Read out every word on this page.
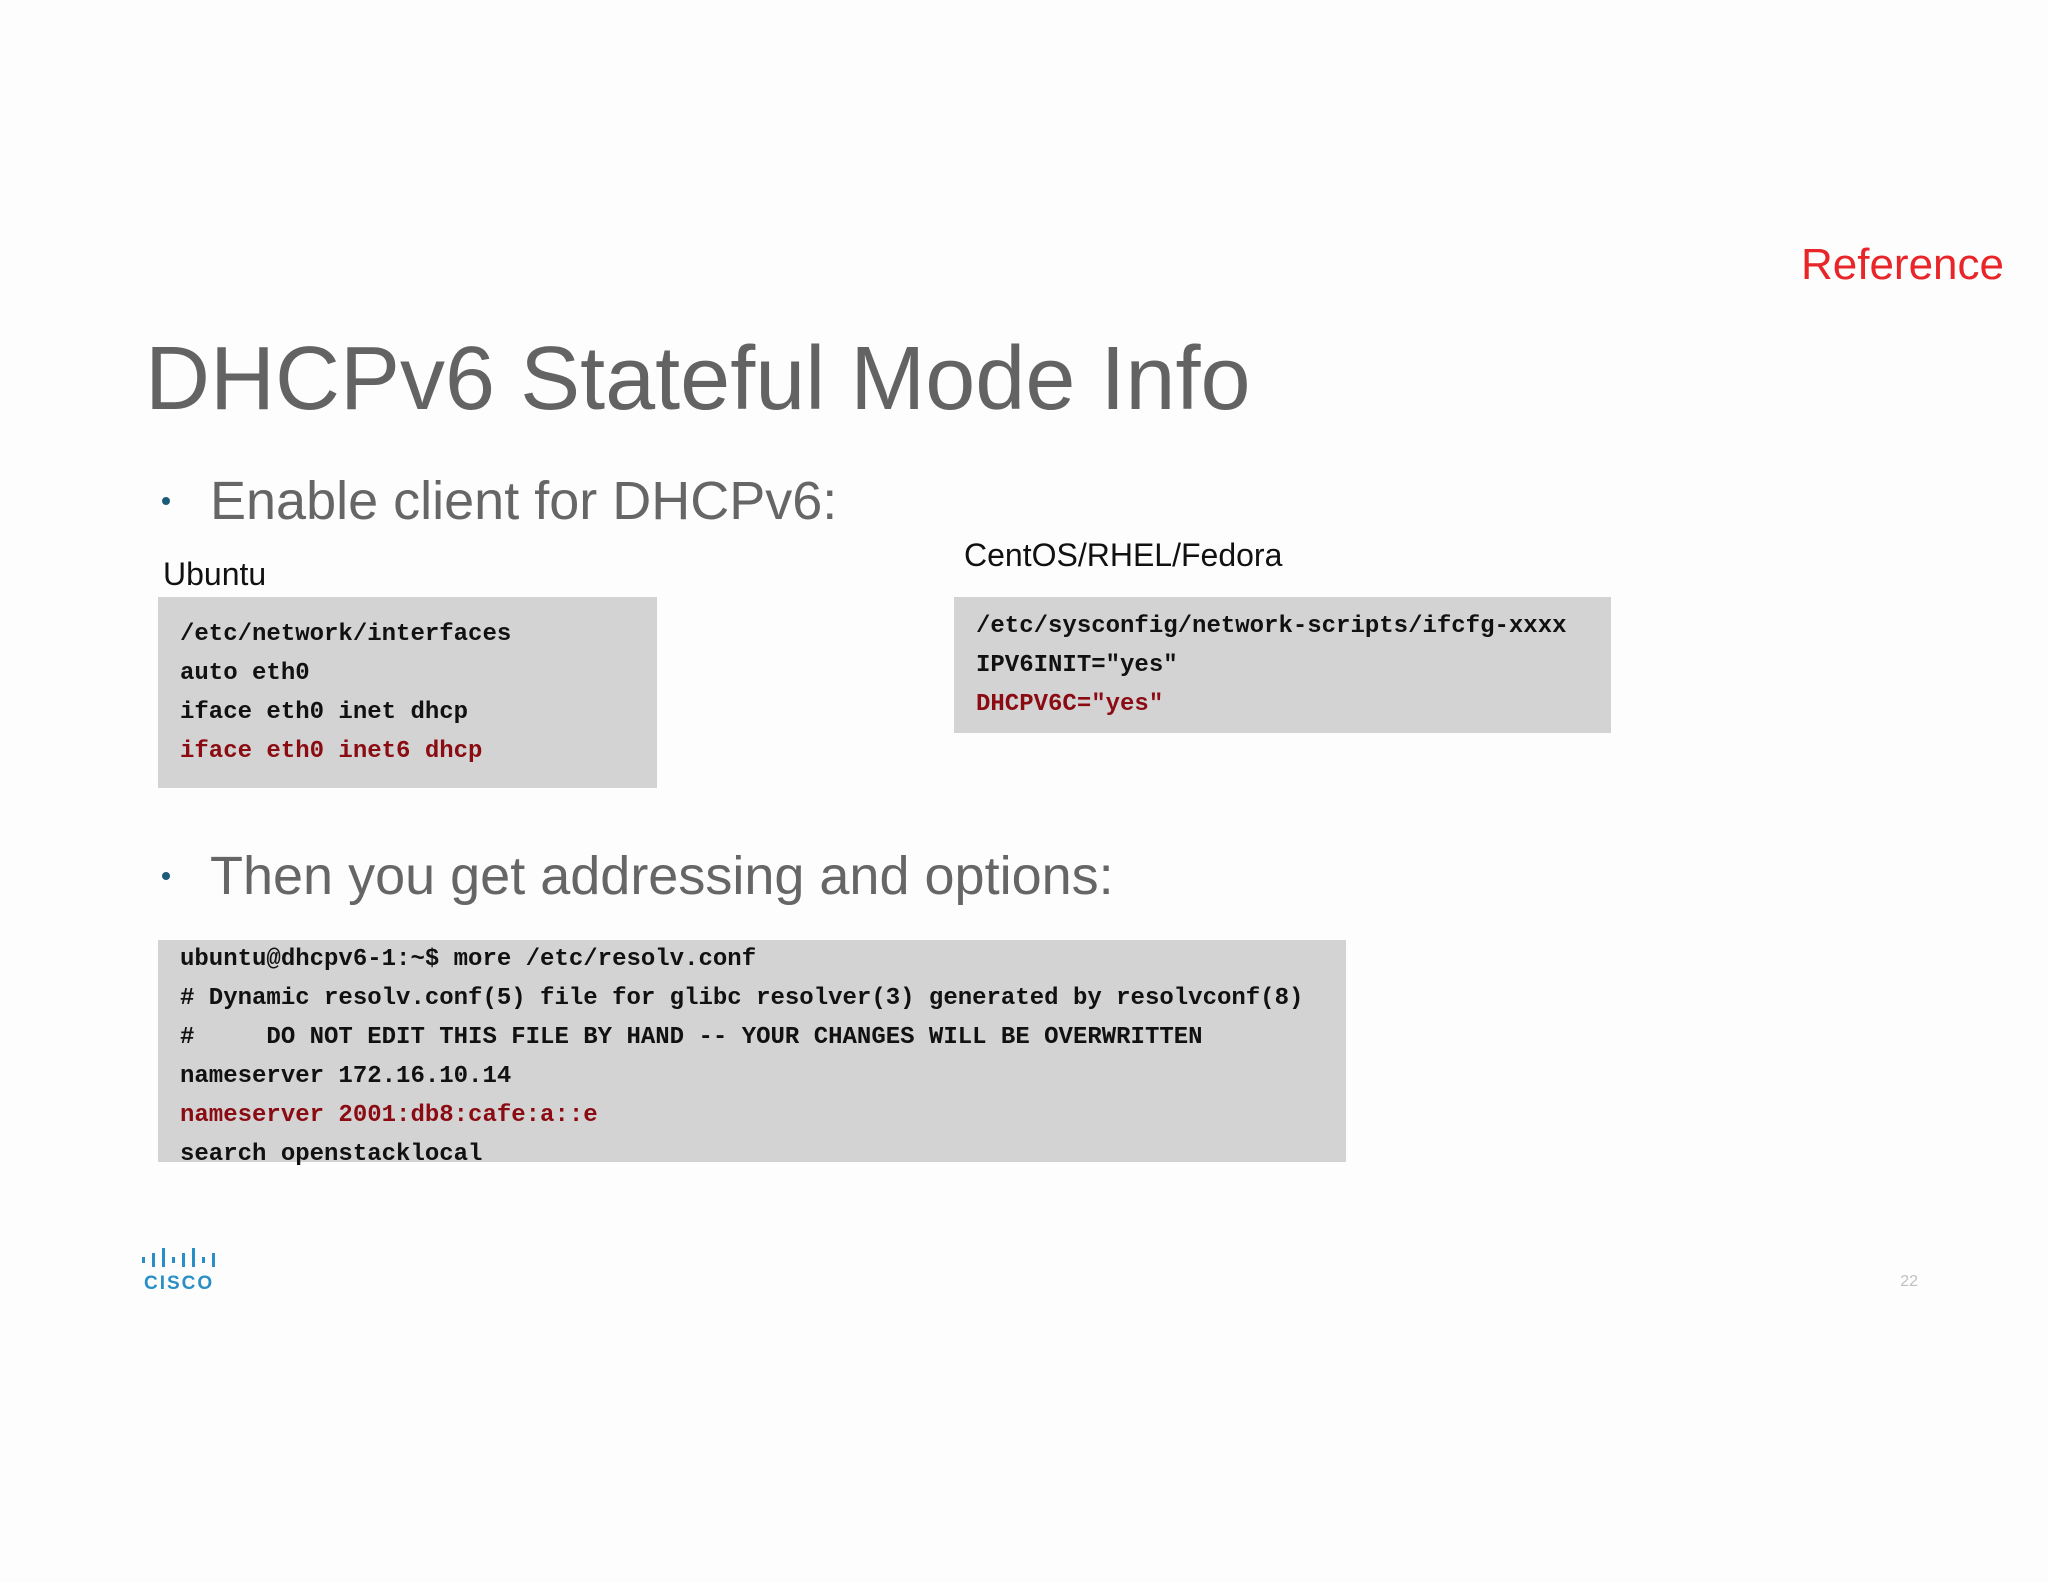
Reference
DHCPv6 Stateful Mode Info
Enable client for DHCPv6:
Ubuntu
CentOS/RHEL/Fedora
/etc/network/interfaces
auto eth0
iface eth0 inet dhcp
iface eth0 inet6 dhcp
/etc/sysconfig/network-scripts/ifcfg-xxxx
IPV6INIT="yes"
DHCPV6C="yes"
Then you get addressing and options:
ubuntu@dhcpv6-1:~$ more /etc/resolv.conf
# Dynamic resolv.conf(5) file for glibc resolver(3) generated by resolvconf(8)
#     DO NOT EDIT THIS FILE BY HAND -- YOUR CHANGES WILL BE OVERWRITTEN
nameserver 172.16.10.14
nameserver 2001:db8:cafe:a::e
search openstacklocal
CISCO	22
